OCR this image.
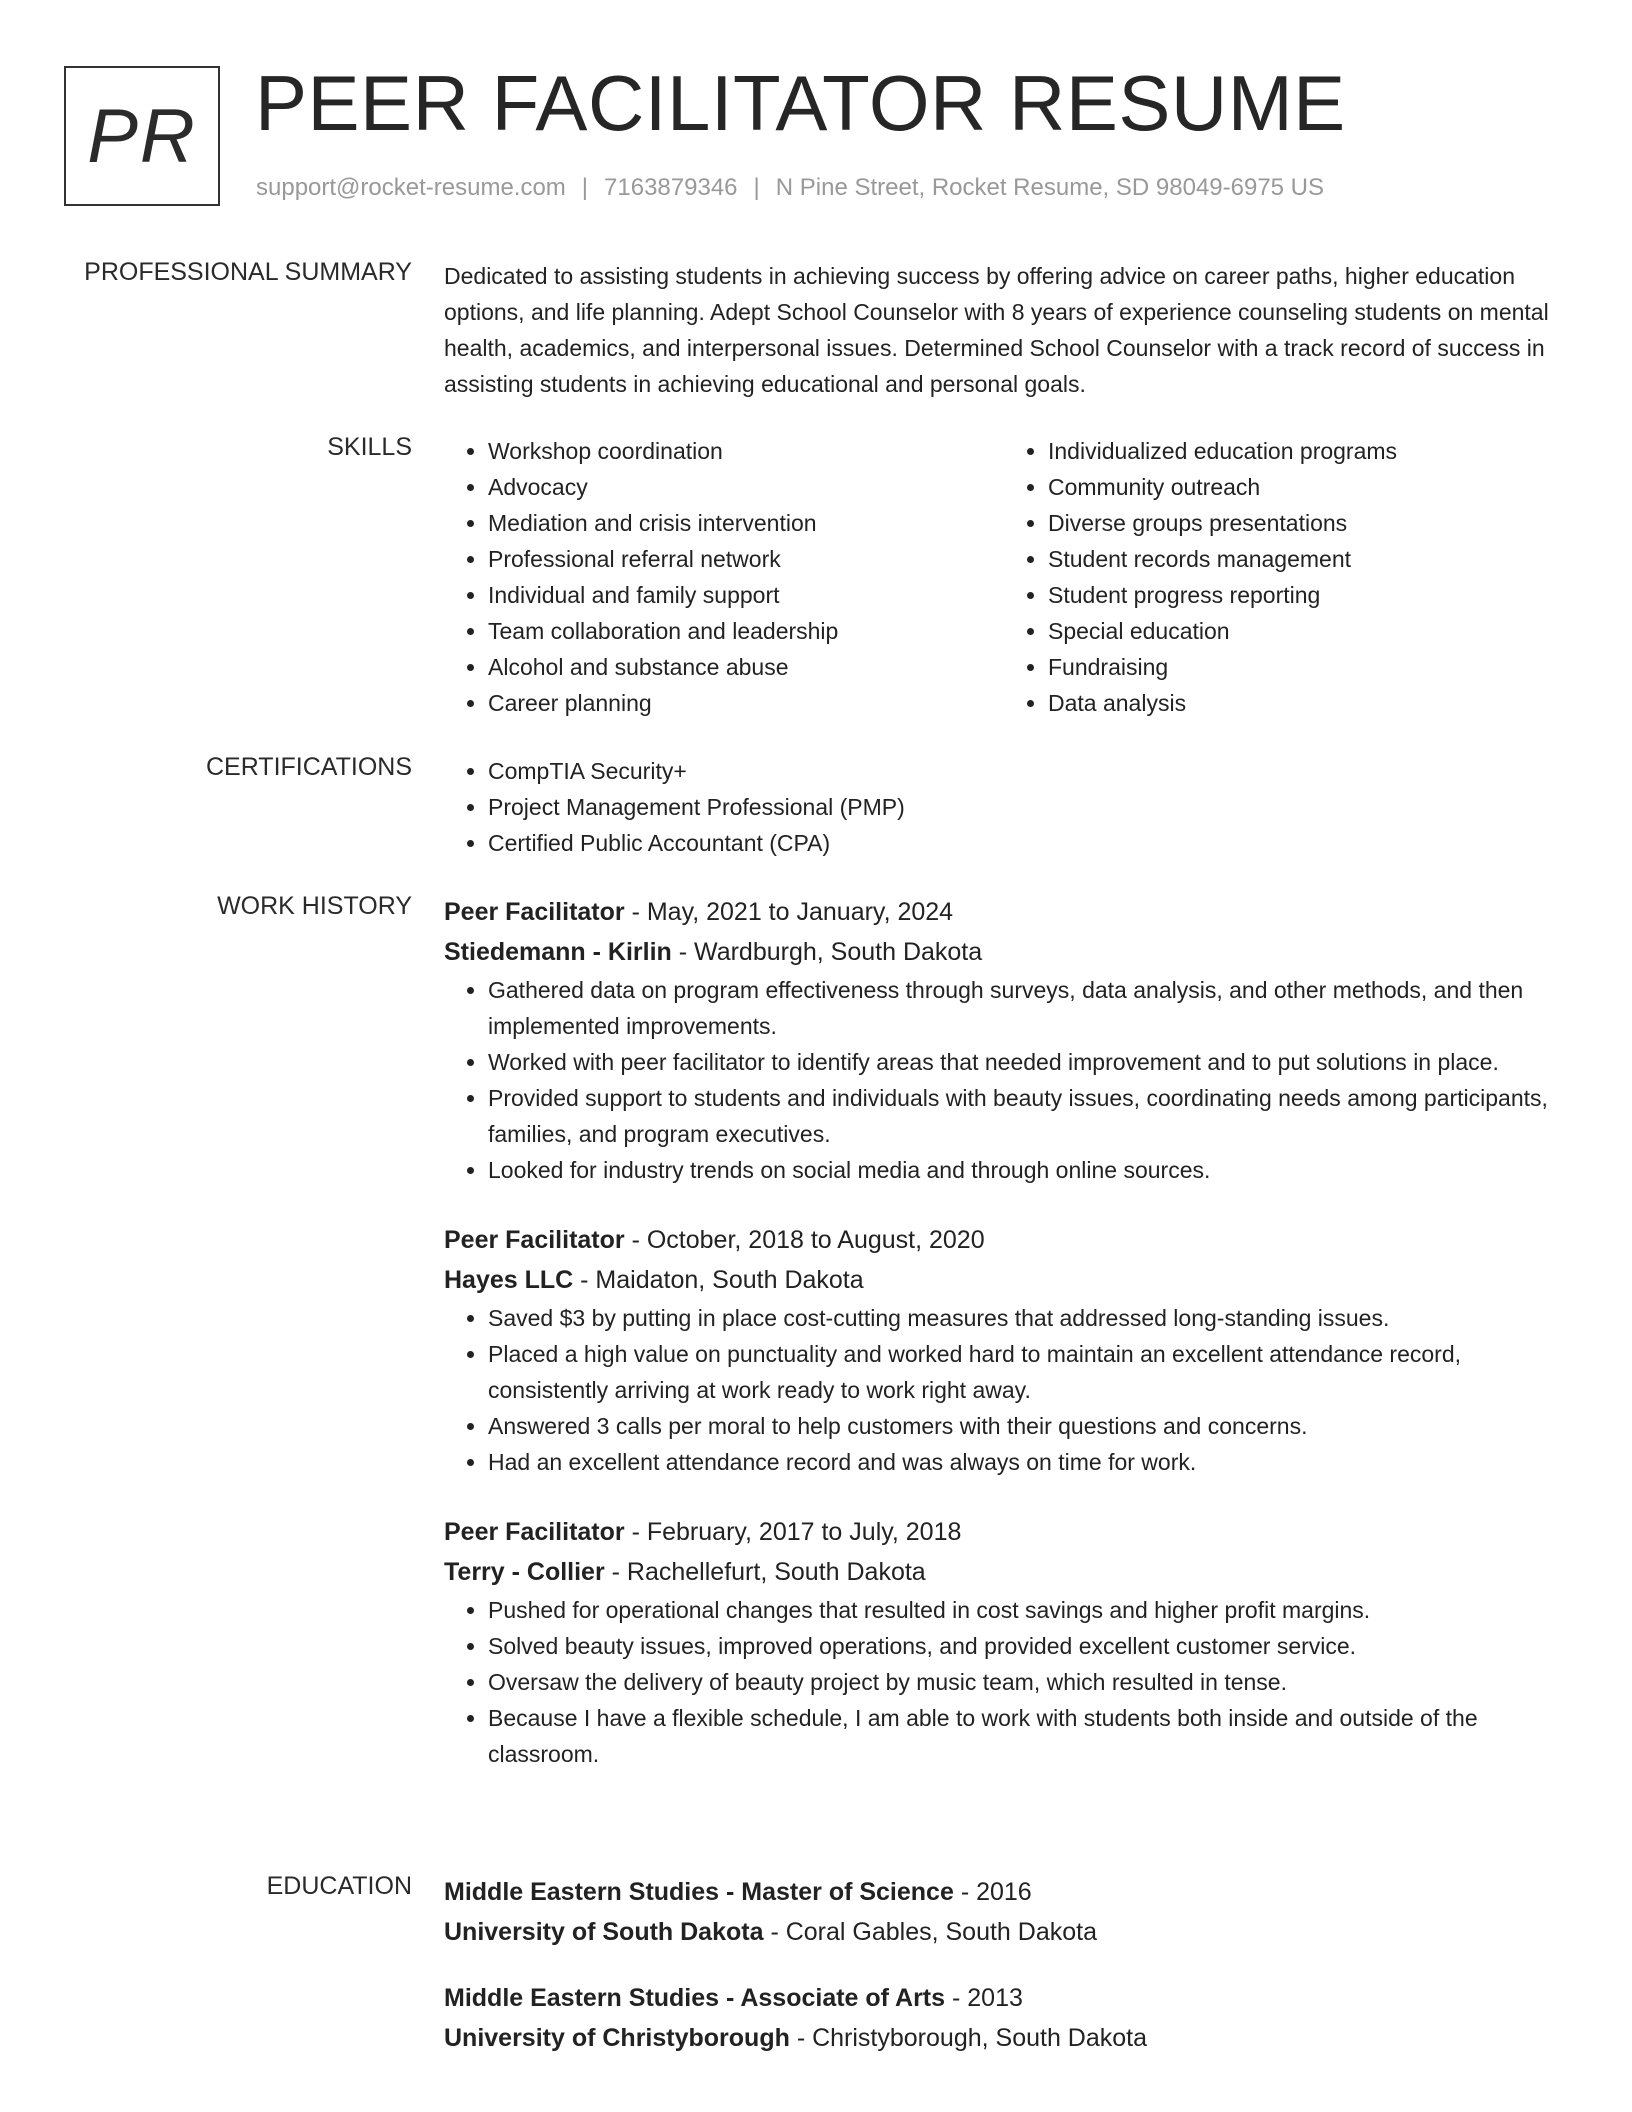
PR PEER FACILITATOR RESUME
support@rocket-resume.com | 7163879346 | N Pine Street, Rocket Resume, SD 98049-6975 US
PROFESSIONAL SUMMARY Dedicated to assisting students in achieving success by offering advice on career paths, higher education options, and life planning. Adept School Counselor with 8 years of experience counseling students on mental health, academics, and interpersonal issues. Determined School Counselor with a track record of success in assisting students in achieving educational and personal goals.

SKILLS	• Workshop coordination
• Advocacy
• Mediation and crisis intervention
• Professional referral network
• Individual and family support
• Team collaboration and leadership
• Alcohol and substance abuse
• Career planning
• Individualized education programs
• Community outreach
• Diverse groups presentations
• Student records management
• Student progress reporting
• Special education
• Fundraising
• Data analysis
CERTIFICATIONS	• CompTIA Security+
• Project Management Professional (PMP)
• Certified Public Accountant (CPA)
WORK HISTORY Peer Facilitator - May, 2021 to January, 2024
Stiedemann - Kirlin - Wardburgh, South Dakota
• Gathered data on program effectiveness through surveys, data analysis, and other methods, and then implemented improvements.
• Worked with peer facilitator to identify areas that needed improvement and to put solutions in place.
• Provided support to students and individuals with beauty issues, coordinating needs among participants, families, and program executives.
• Looked for industry trends on social media and through online sources.
Peer Facilitator - October, 2018 to August, 2020
Hayes LLC - Maidaton, South Dakota
• Saved $3 by putting in place cost-cutting measures that addressed long-standing issues.
• Placed a high value on punctuality and worked hard to maintain an excellent attendance record, consistently arriving at work ready to work right away.
• Answered 3 calls per moral to help customers with their questions and concerns.
• Had an excellent attendance record and was always on time for work.
Peer Facilitator - February, 2017 to July, 2018
Terry - Collier - Rachellefurt, South Dakota
• Pushed for operational changes that resulted in cost savings and higher profit margins.
• Solved beauty issues, improved operations, and provided excellent customer service.
• Oversaw the delivery of beauty project by music team, which resulted in tense.
• Because I have a flexible schedule, I am able to work with students both inside and outside of the classroom.
EDUCATION Middle Eastern Studies - Master of Science - 2016
University of South Dakota - Coral Gables, South Dakota
Middle Eastern Studies - Associate of Arts - 2013
University of Christyborough - Christyborough, South Dakota
